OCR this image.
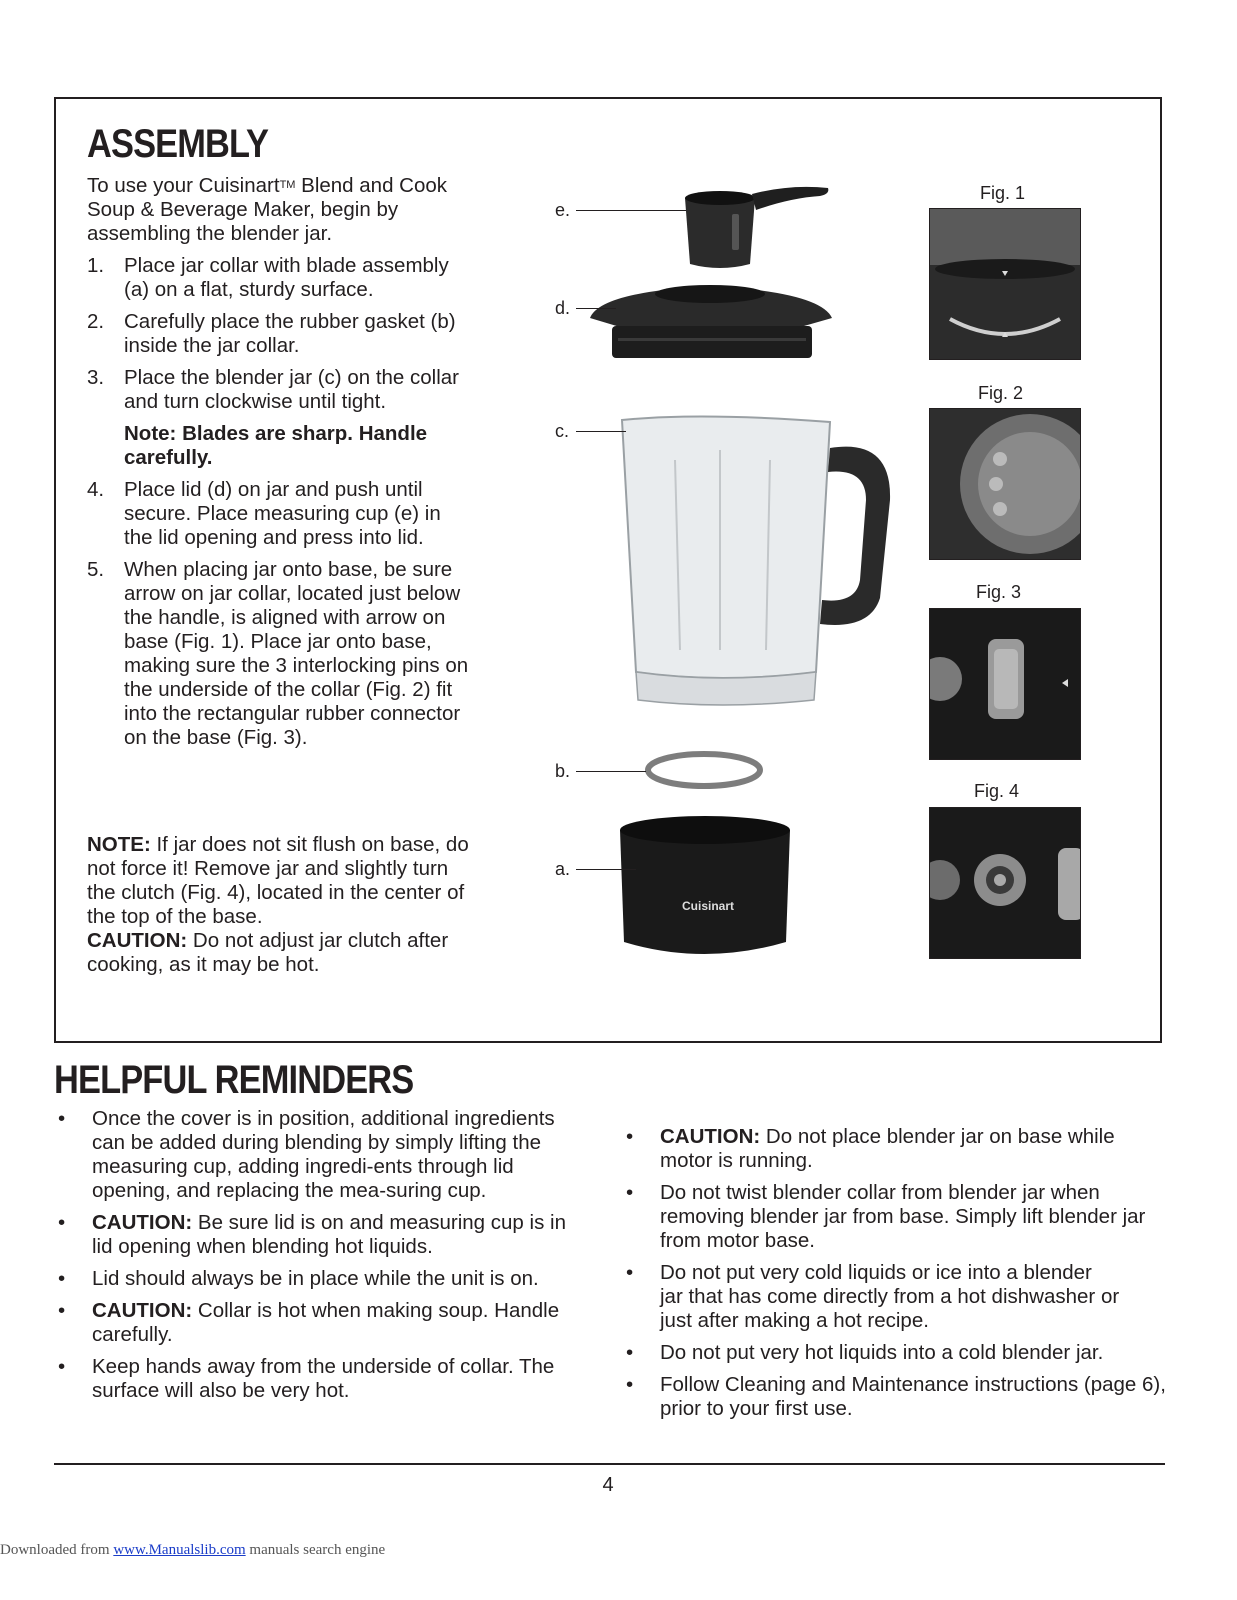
ASSEMBLY
To use your Cuisinart™ Blend and Cook Soup & Beverage Maker, begin by assembling the blender jar.
1. Place jar collar with blade assembly (a) on a flat, sturdy surface.
2. Carefully place the rubber gasket (b) inside the jar collar.
3. Place the blender jar (c) on the collar and turn clockwise until tight.
Note: Blades are sharp. Handle carefully.
4. Place lid (d) on jar and push until secure. Place measuring cup (e) in the lid opening and press into lid.
5. When placing jar onto base, be sure arrow on jar collar, located just below the handle, is aligned with arrow on base (Fig. 1). Place jar onto base, making sure the 3 interlocking pins on the underside of the collar (Fig. 2) fit into the rectangular rubber connector on the base (Fig. 3).
NOTE: If jar does not sit flush on base, do not force it! Remove jar and slightly turn the clutch (Fig. 4), located in the center of the top of the base.
CAUTION: Do not adjust jar clutch after cooking, as it may be hot.
Cuisinart
e.
d.
c.
b.
a.
Fig. 1
Fig. 2
Fig. 3
Fig. 4
HELPFUL REMINDERS
•	Once the cover is in position, additional ingredients can be added during blending by simply lifting the measuring cup, adding ingredi-ents through lid opening, and replacing the mea-suring cup.
•	CAUTION: Be sure lid is on and measuring cup is in lid opening when blending hot liquids.
•	Lid should always be in place while the unit is on.
•	CAUTION: Collar is hot when making soup. Handle carefully.
•	Keep hands away from the underside of collar. The surface will also be very hot.
•	CAUTION: Do not place blender jar on base while motor is running.
•	Do not twist blender collar from blender jar when removing blender jar from base. Simply lift blender jar from motor base.
•	Do not put very cold liquids or ice into a blender jar that has come directly from a hot dishwasher or just after making a hot recipe.
•	Do not put very hot liquids into a cold blender jar.
•	Follow Cleaning and Maintenance instructions (page 6), prior to your first use.
4
Downloaded from www.Manualslib.com manuals search engine
